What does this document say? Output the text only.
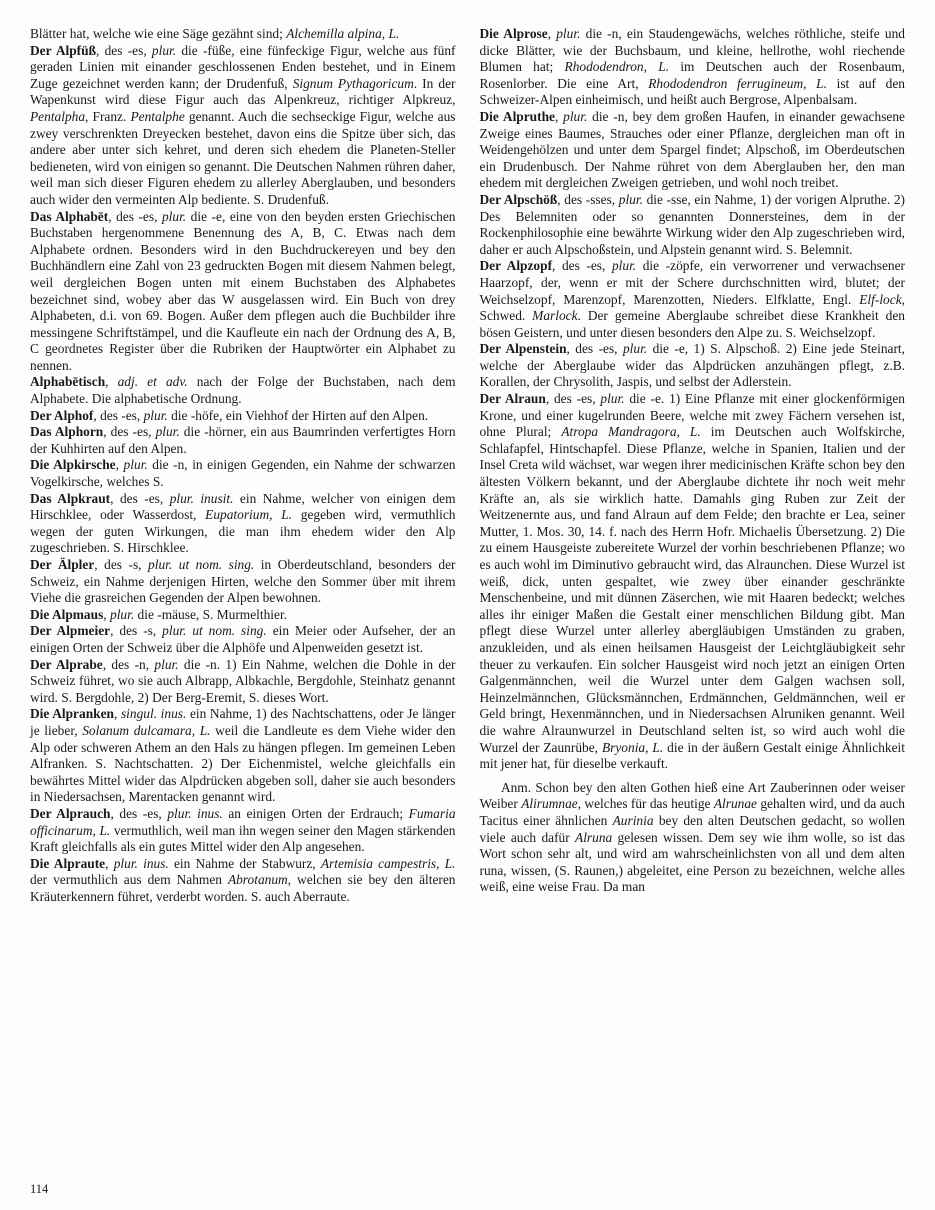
Blätter hat, welche wie eine Säge gezähnt sind; Alchemilla alpina, L.

Der Alpfüß, des -es, plur. die -füße, eine fünfeckige Figur, welche aus fünf geraden Linien mit einander geschlossenen Enden bestehet, und in Einem Zuge gezeichnet werden kann; der Drudenfuß, Signum Pythagoricum. In der Wapenkunst wird diese Figur auch das Alpenkreuz, richtiger Alpkreuz, Pentalpha, Franz. Pentalphe genannt. Auch die sechseckige Figur, welche aus zwey verschrenkten Dreyecken bestehet, davon eins die Spitze über sich, das andere aber unter sich kehret, und deren sich ehedem die Planeten-Steller bedieneten, wird von einigen so genannt. Die Deutschen Nahmen rühren daher, weil man sich dieser Figuren ehedem zu allerley Aberglauben, und besonders auch wider den vermeinten Alp bediente. S. Drudenfuß.

Das Alphabēt, des -es, plur. die -e, eine von den beyden ersten Griechischen Buchstaben hergenommene Benennung des A, B, C. Etwas nach dem Alphabete ordnen. Besonders wird in den Buchdruckereyen und bey den Buchhändlern eine Zahl von 23 gedruckten Bogen mit diesem Nahmen belegt, weil dergleichen Bogen unten mit einem Buchstaben des Alphabetes bezeichnet sind, wobey aber das W ausgelassen wird. Ein Buch von drey Alphabeten, d.i. von 69. Bogen. Außer dem pflegen auch die Buchbilder ihre messingene Schriftstämpel, und die Kaufleute ein nach der Ordnung des A, B, C geordnetes Register über die Rubriken der Hauptwörter ein Alphabet zu nennen.

Alphabētisch, adj. et adv. nach der Folge der Buchstaben, nach dem Alphabete. Die alphabetische Ordnung.

Der Alphof, des -es, plur. die -höfe, ein Viehhof der Hirten auf den Alpen.

Das Alphorn, des -es, plur. die -hörner, ein aus Baumrinden verfertigtes Horn der Kuhhirten auf den Alpen.

Die Alpkirsche, plur. die -n, in einigen Gegenden, ein Nahme der schwarzen Vogelkirsche, welches S.

Das Alpkraut, des -es, plur. inusit. ein Nahme, welcher von einigen dem Hirschklee, oder Wasserdost, Eupatorium, L. gegeben wird, vermuthlich wegen der guten Wirkungen, die man ihm ehedem wider den Alp zugeschrieben. S. Hirschklee.

Der Älpler, des -s, plur. ut nom. sing. in Oberdeutschland, besonders der Schweiz, ein Nahme derjenigen Hirten, welche den Sommer über mit ihrem Viehe die grasreichen Gegenden der Alpen bewohnen.

Die Alpmaus, plur. die -mäuse, S. Murmelthier.

Der Alpmeier, des -s, plur. ut nom. sing. ein Meier oder Aufseher, der an einigen Orten der Schweiz über die Alphöfe und Alpenweiden gesetzt ist.

Der Alprabe, des -n, plur. die -n. 1) Ein Nahme, welchen die Dohle in der Schweiz führet, wo sie auch Albrapp, Albkachle, Bergdohle, Steinhatz genannt wird. S. Bergdohle, 2) Der Berg-Eremit, S. dieses Wort.

Die Alpranken, singul. inus. ein Nahme, 1) des Nachtschattens, oder Je länger je lieber, Solanum dulcamara, L. weil die Landleute es dem Viehe wider den Alp oder schweren Athem an den Hals zu hängen pflegen. Im gemeinen Leben Alfranken. S. Nachtschatten. 2) Der Eichenmistel, welche gleichfalls ein bewährtes Mittel wider das Alpdrücken abgeben soll, daher sie auch besonders in Niedersachsen, Marentacken genannt wird.

Der Alprauch, des -es, plur. inus. an einigen Orten der Erdrauch; Fumaria officinarum, L. vermuthlich, weil man ihn wegen seiner den Magen stärkenden Kraft gleichfalls als ein gutes Mittel wider den Alp angesehen.

Die Alpraute, plur. inus. ein Nahme der Stabwurz, Artemisia campestris, L. der vermuthlich aus dem Nahmen Abrotanum, welchen sie bey den älteren Kräuterkennern führet, verderbt worden. S. auch Aberraute.

Die Alprose, plur. die -n, ein Staudengewächs, welches röthliche, steife und dicke Blätter, wie der Buchsbaum, und kleine, hellrothe, wohl riechende Blumen hat; Rhododendron, L. im Deutschen auch der Rosenbaum, Rosenlorber. Die eine Art, Rhododendron ferrugineum, L. ist auf den Schweizer-Alpen einheimisch, und heißt auch Bergrose, Alpenbalsam.

Die Alpruthe, plur. die -n, bey dem großen Haufen, in einander gewachsene Zweige eines Baumes, Strauches oder einer Pflanze, dergleichen man oft in Weidengehölzen und unter dem Spargel findet; Alpschoß, im Oberdeutschen ein Drudenbusch. Der Nahme rühret von dem Aberglauben her, den man ehedem mit dergleichen Zweigen getrieben, und wohl noch treibet.

Der Alpschöß, des -sses, plur. die -sse, ein Nahme, 1) der vorigen Alpruthe. 2) Des Belemniten oder so genannten Donnersteines, dem in der Rockenphilosophie eine bewährte Wirkung wider den Alp zugeschrieben wird, daher er auch Alpschoßstein, und Alpstein genannt wird. S. Belemnit.

Der Alpzopf, des -es, plur. die -zöpfe, ein verworrener und verwachsener Haarzopf, der, wenn er mit der Schere durchschnitten wird, blutet; der Weichselzopf, Marenzopf, Marenzotten, Nieders. Elfklatte, Engl. Elf-lock, Schwed. Marlock. Der gemeine Aberglaube schreibet diese Krankheit den bösen Geistern, und unter diesen besonders den Alpe zu. S. Weichselzopf.

Der Alpenstein, des -es, plur. die -e, 1) S. Alpschoß. 2) Eine jede Steinart, welche der Aberglaube wider das Alpdrücken anzuhängen pflegt, z.B. Korallen, der Chrysolith, Jaspis, und selbst der Adlerstein.

Der Alraun, des -es, plur. die -e. 1) Eine Pflanze mit einer glockenförmigen Krone, und einer kugelrunden Beere, welche mit zwey Fächern versehen ist, ohne Plural; Atropa Mandragora, L. im Deutschen auch Wolfskirche, Schlafapfel, Hintschapfel. Diese Pflanze, welche in Spanien, Italien und der Insel Creta wild wächset, war wegen ihrer medicinischen Kräfte schon bey den ältesten Völkern bekannt, und der Aberglaube dichtete ihr noch weit mehr Kräfte an, als sie wirklich hatte. Damahls ging Ruben zur Zeit der Weitzenernte aus, und fand Alraun auf dem Felde; den brachte er Lea, seiner Mutter, 1. Mos. 30, 14. f. nach des Herrn Hofr. Michaelis Übersetzung. 2) Die zu einem Hausgeiste zubereitete Wurzel der vorhin beschriebenen Pflanze; wo es auch wohl im Diminutivo gebraucht wird, das Alraunchen. Diese Wurzel ist weiß, dick, unten gespaltet, wie zwey über einander geschränkte Menschenbeine, und mit dünnen Zäserchen, wie mit Haaren bedeckt; welches alles ihr einiger Maßen die Gestalt einer menschlichen Bildung gibt. Man pflegt diese Wurzel unter allerley abergläubigen Umständen zu graben, anzukleiden, und als einen heilsamen Hausgeist der Leichtgläubigkeit sehr theuer zu verkaufen. Ein solcher Hausgeist wird noch jetzt an einigen Orten Galgenmännchen, weil die Wurzel unter dem Galgen wachsen soll, Heinzelmännchen, Glücksmännchen, Erdmännchen, Geldmännchen, weil er Geld bringt, Hexenmännchen, und in Niedersachsen Alruniken genannt. Weil die wahre Alraunwurzel in Deutschland selten ist, so wird auch wohl die Wurzel der Zaunrübe, Bryonia, L. die in der äußern Gestalt einige Ähnlichkeit mit jener hat, für dieselbe verkauft.

Anm. Schon bey den alten Gothen hieß eine Art Zauberinnen oder weiser Weiber Alirumnae, welches für das heutige Alrunae gehalten wird, und da auch Tacitus einer ähnlichen Aurinia bey den alten Deutschen gedacht, so wollen viele auch dafür Alruna gelesen wissen. Dem sey wie ihm wolle, so ist das Wort schon sehr alt, und wird am wahrscheinlichsten von all und dem alten runa, wissen, (S. Raunen,) abgeleitet, eine Person zu bezeichnen, welche alles weiß, eine weise Frau. Da man

114
